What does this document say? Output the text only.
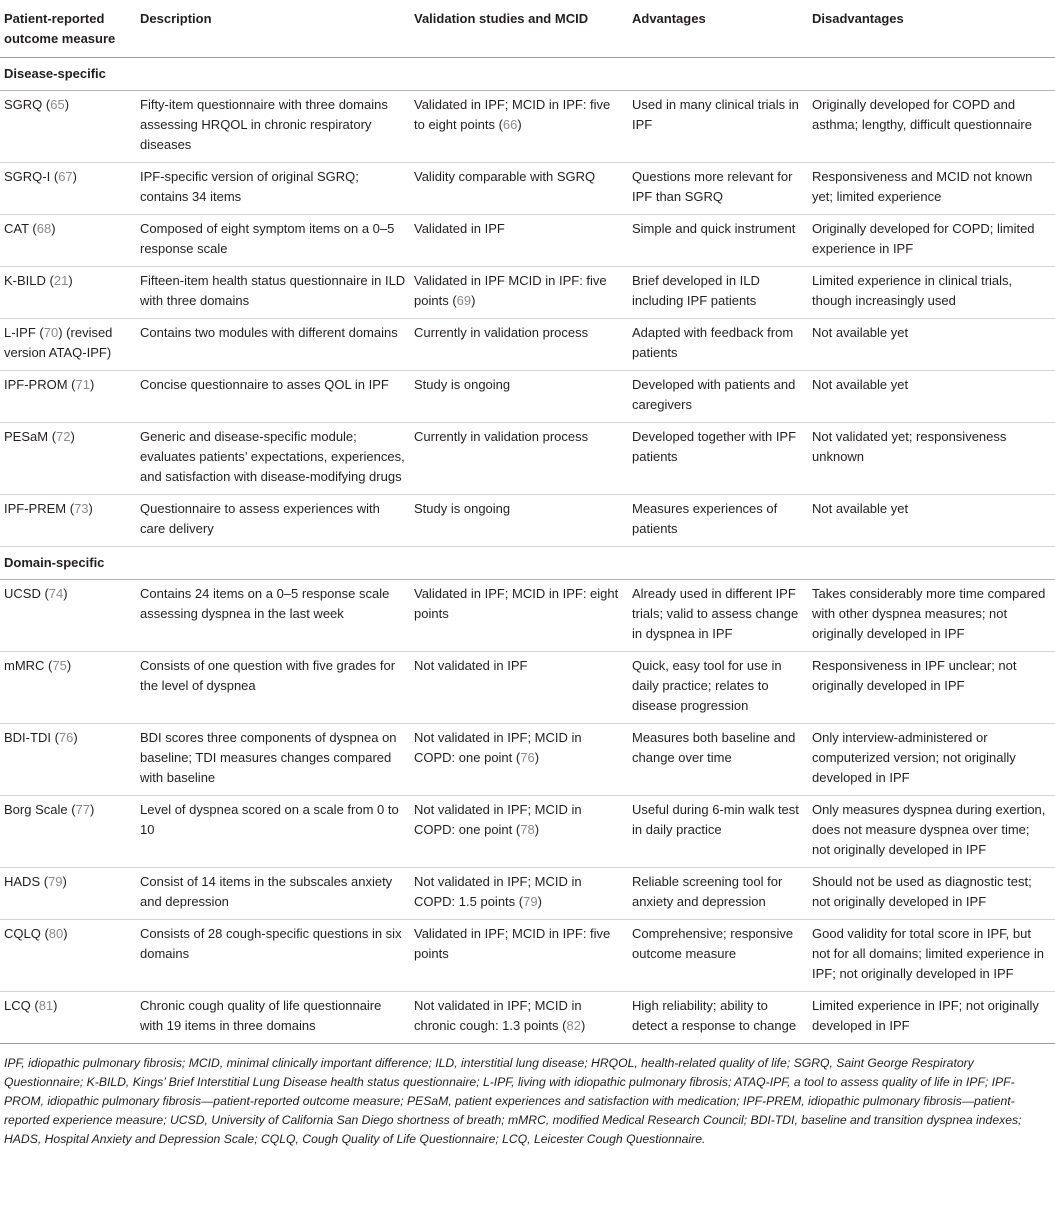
Patient-reported outcome measure	Description	Validation studies and MCID	Advantages	Disadvantages
Disease-specific				
SGRQ (65)	Fifty-item questionnaire with three domains assessing HRQOL in chronic respiratory diseases	Validated in IPF; MCID in IPF: five to eight points (66)	Used in many clinical trials in IPF	Originally developed for COPD and asthma; lengthy, difficult questionnaire
SGRQ-I (67)	IPF-specific version of original SGRQ; contains 34 items	Validity comparable with SGRQ	Questions more relevant for IPF than SGRQ	Responsiveness and MCID not known yet; limited experience
CAT (68)	Composed of eight symptom items on a 0–5 response scale	Validated in IPF	Simple and quick instrument	Originally developed for COPD; limited experience in IPF
K-BILD (21)	Fifteen-item health status questionnaire in ILD with three domains	Validated in IPF MCID in IPF: five points (69)	Brief developed in ILD including IPF patients	Limited experience in clinical trials, though increasingly used
L-IPF (70) (revised version ATAQ-IPF)	Contains two modules with different domains	Currently in validation process	Adapted with feedback from patients	Not available yet
IPF-PROM (71)	Concise questionnaire to asses QOL in IPF	Study is ongoing	Developed with patients and caregivers	Not available yet
PESaM (72)	Generic and disease-specific module; evaluates patients’ expectations, experiences, and satisfaction with disease-modifying drugs	Currently in validation process	Developed together with IPF patients	Not validated yet; responsiveness unknown
IPF-PREM (73)	Questionnaire to assess experiences with care delivery	Study is ongoing	Measures experiences of patients	Not available yet
Domain-specific				
UCSD (74)	Contains 24 items on a 0–5 response scale assessing dyspnea in the last week	Validated in IPF; MCID in IPF: eight points	Already used in different IPF trials; valid to assess change in dyspnea in IPF	Takes considerably more time compared with other dyspnea measures; not originally developed in IPF
mMRC (75)	Consists of one question with five grades for the level of dyspnea	Not validated in IPF	Quick, easy tool for use in daily practice; relates to disease progression	Responsiveness in IPF unclear; not originally developed in IPF
BDI-TDI (76)	BDI scores three components of dyspnea on baseline; TDI measures changes compared with baseline	Not validated in IPF; MCID in COPD: one point (76)	Measures both baseline and change over time	Only interview-administered or computerized version; not originally developed in IPF
Borg Scale (77)	Level of dyspnea scored on a scale from 0 to 10	Not validated in IPF; MCID in COPD: one point (78)	Useful during 6-min walk test in daily practice	Only measures dyspnea during exertion, does not measure dyspnea over time; not originally developed in IPF
HADS (79)	Consist of 14 items in the subscales anxiety and depression	Not validated in IPF; MCID in COPD: 1.5 points (79)	Reliable screening tool for anxiety and depression	Should not be used as diagnostic test; not originally developed in IPF
CQLQ (80)	Consists of 28 cough-specific questions in six domains	Validated in IPF; MCID in IPF: five points	Comprehensive; responsive outcome measure	Good validity for total score in IPF, but not for all domains; limited experience in IPF; not originally developed in IPF
LCQ (81)	Chronic cough quality of life questionnaire with 19 items in three domains	Not validated in IPF; MCID in chronic cough: 1.3 points (82)	High reliability; ability to detect a response to change	Limited experience in IPF; not originally developed in IPF

IPF, idiopathic pulmonary fibrosis; MCID, minimal clinically important difference; ILD, interstitial lung disease; HRQOL, health-related quality of life; SGRQ, Saint George Respiratory Questionnaire; K-BILD, Kings’ Brief Interstitial Lung Disease health status questionnaire; L-IPF, living with idiopathic pulmonary fibrosis; ATAQ-IPF, a tool to assess quality of life in IPF; IPF-PROM, idiopathic pulmonary fibrosis—patient-reported outcome measure; PESaM, patient experiences and satisfaction with medication; IPF-PREM, idiopathic pulmonary fibrosis—patient-reported experience measure; UCSD, University of California San Diego shortness of breath; mMRC, modified Medical Research Council; BDI-TDI, baseline and transition dyspnea indexes; HADS, Hospital Anxiety and Depression Scale; CQLQ, Cough Quality of Life Questionnaire; LCQ, Leicester Cough Questionnaire.
